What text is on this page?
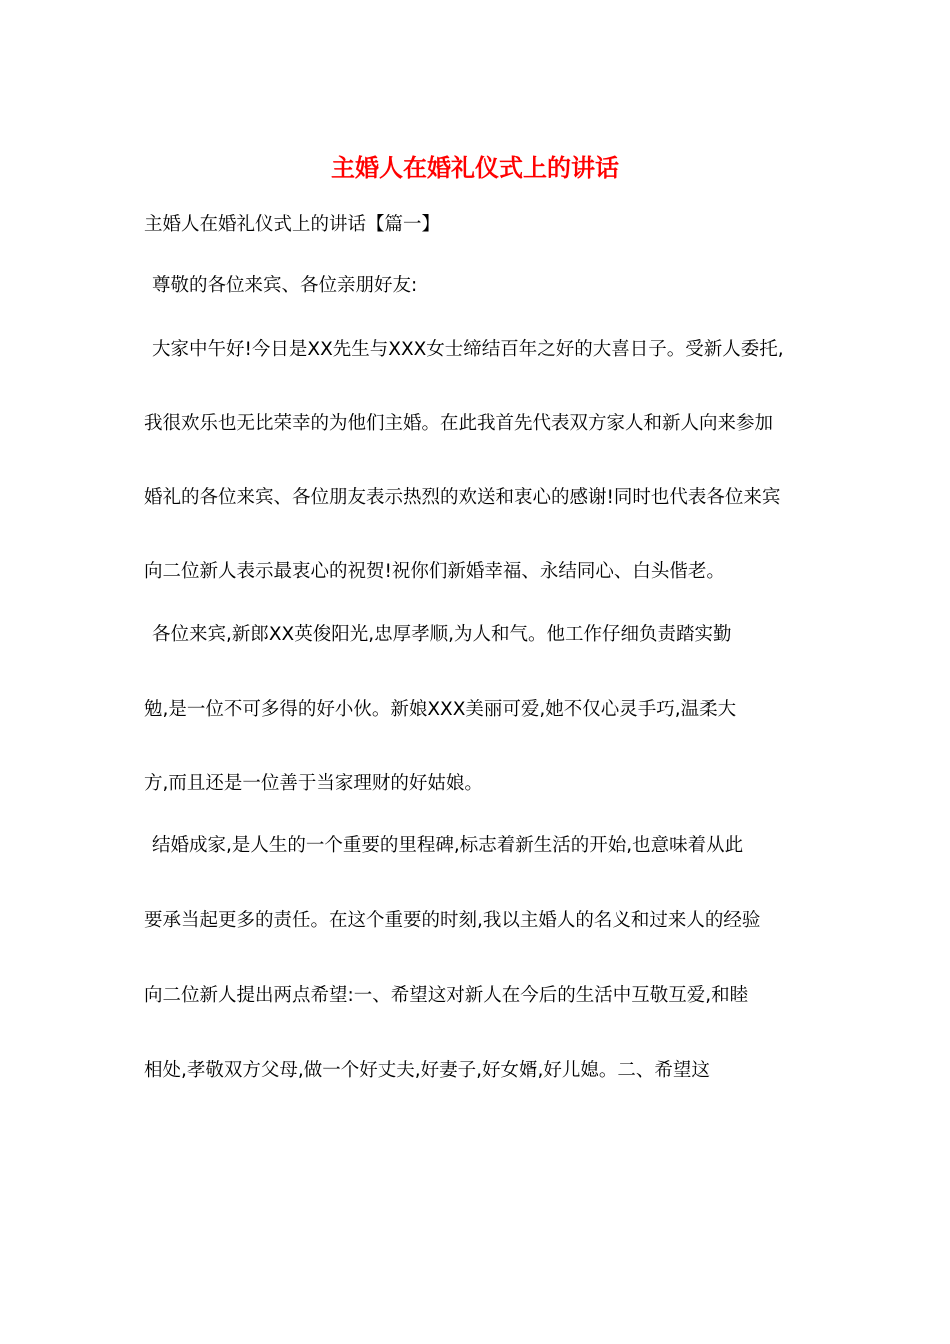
主婚人在婚礼仪式上的讲话
主婚人在婚礼仪式上的讲话【篇一】
尊敬的各位来宾、各位亲朋好友:
大家中午好!今日是XX先生与XXX女士缔结百年之好的大喜日子。受新人委托,
我很欢乐也无比荣幸的为他们主婚。在此我首先代表双方家人和新人向来参加
婚礼的各位来宾、各位朋友表示热烈的欢送和衷心的感谢!同时也代表各位来宾
向二位新人表示最衷心的祝贺!祝你们新婚幸福、永结同心、白头偕老。
各位来宾,新郎XX英俊阳光,忠厚孝顺,为人和气。他工作仔细负责踏实勤
勉,是一位不可多得的好小伙。新娘XXX美丽可爱,她不仅心灵手巧,温柔大
方,而且还是一位善于当家理财的好姑娘。
结婚成家,是人生的一个重要的里程碑,标志着新生活的开始,也意味着从此
要承当起更多的责任。在这个重要的时刻,我以主婚人的名义和过来人的经验
向二位新人提出两点希望:一、希望这对新人在今后的生活中互敬互爱,和睦
相处,孝敬双方父母,做一个好丈夫,好妻子,好女婿,好儿媳。二、希望这
